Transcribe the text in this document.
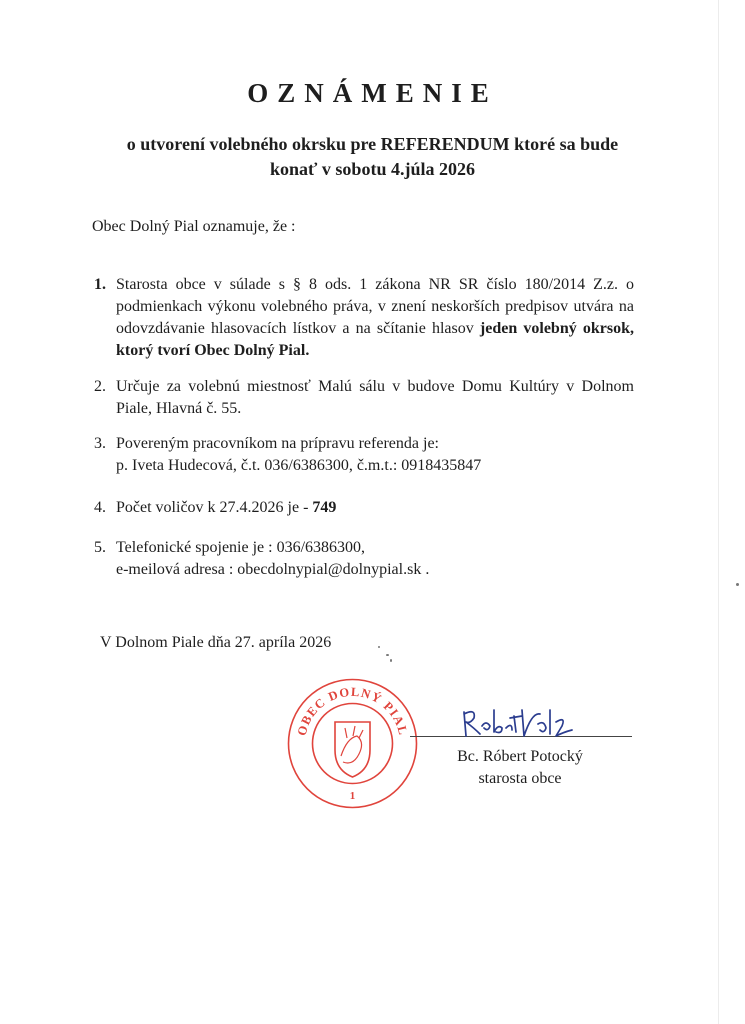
OZNÁMENIE
o utvorení volebného okrsku pre REFERENDUM ktoré sa bude
konať v sobotu 4.júla 2026
Obec Dolný Pial oznamuje, že :
1. Starosta obce v súlade s § 8 ods. 1 zákona NR SR číslo 180/2014 Z.z. o podmienkach výkonu volebného práva, v znení neskorších predpisov utvára na odovzdávanie hlasovacích lístkov a na sčítanie hlasov jeden volebný okrsok, ktorý tvorí Obec Dolný Pial.
2. Určuje za volebnú miestnosť Malú sálu v budove Domu Kultúry v Dolnom Piale, Hlavná č. 55.
3. Povereným pracovníkom na prípravu referenda je:
p. Iveta Hudecová, č.t. 036/6386300, č.m.t.: 0918435847
4. Počet voličov k 27.4.2026 je - 749
5. Telefonické spojenie je : 036/6386300,
e-meilová adresa : obecdolnypial@dolnypial.sk .
V Dolnom Piale dňa 27. apríla 2026
OBEC DOLNÝ PIAL
1
Bc. Róbert Potocký
starosta obce
